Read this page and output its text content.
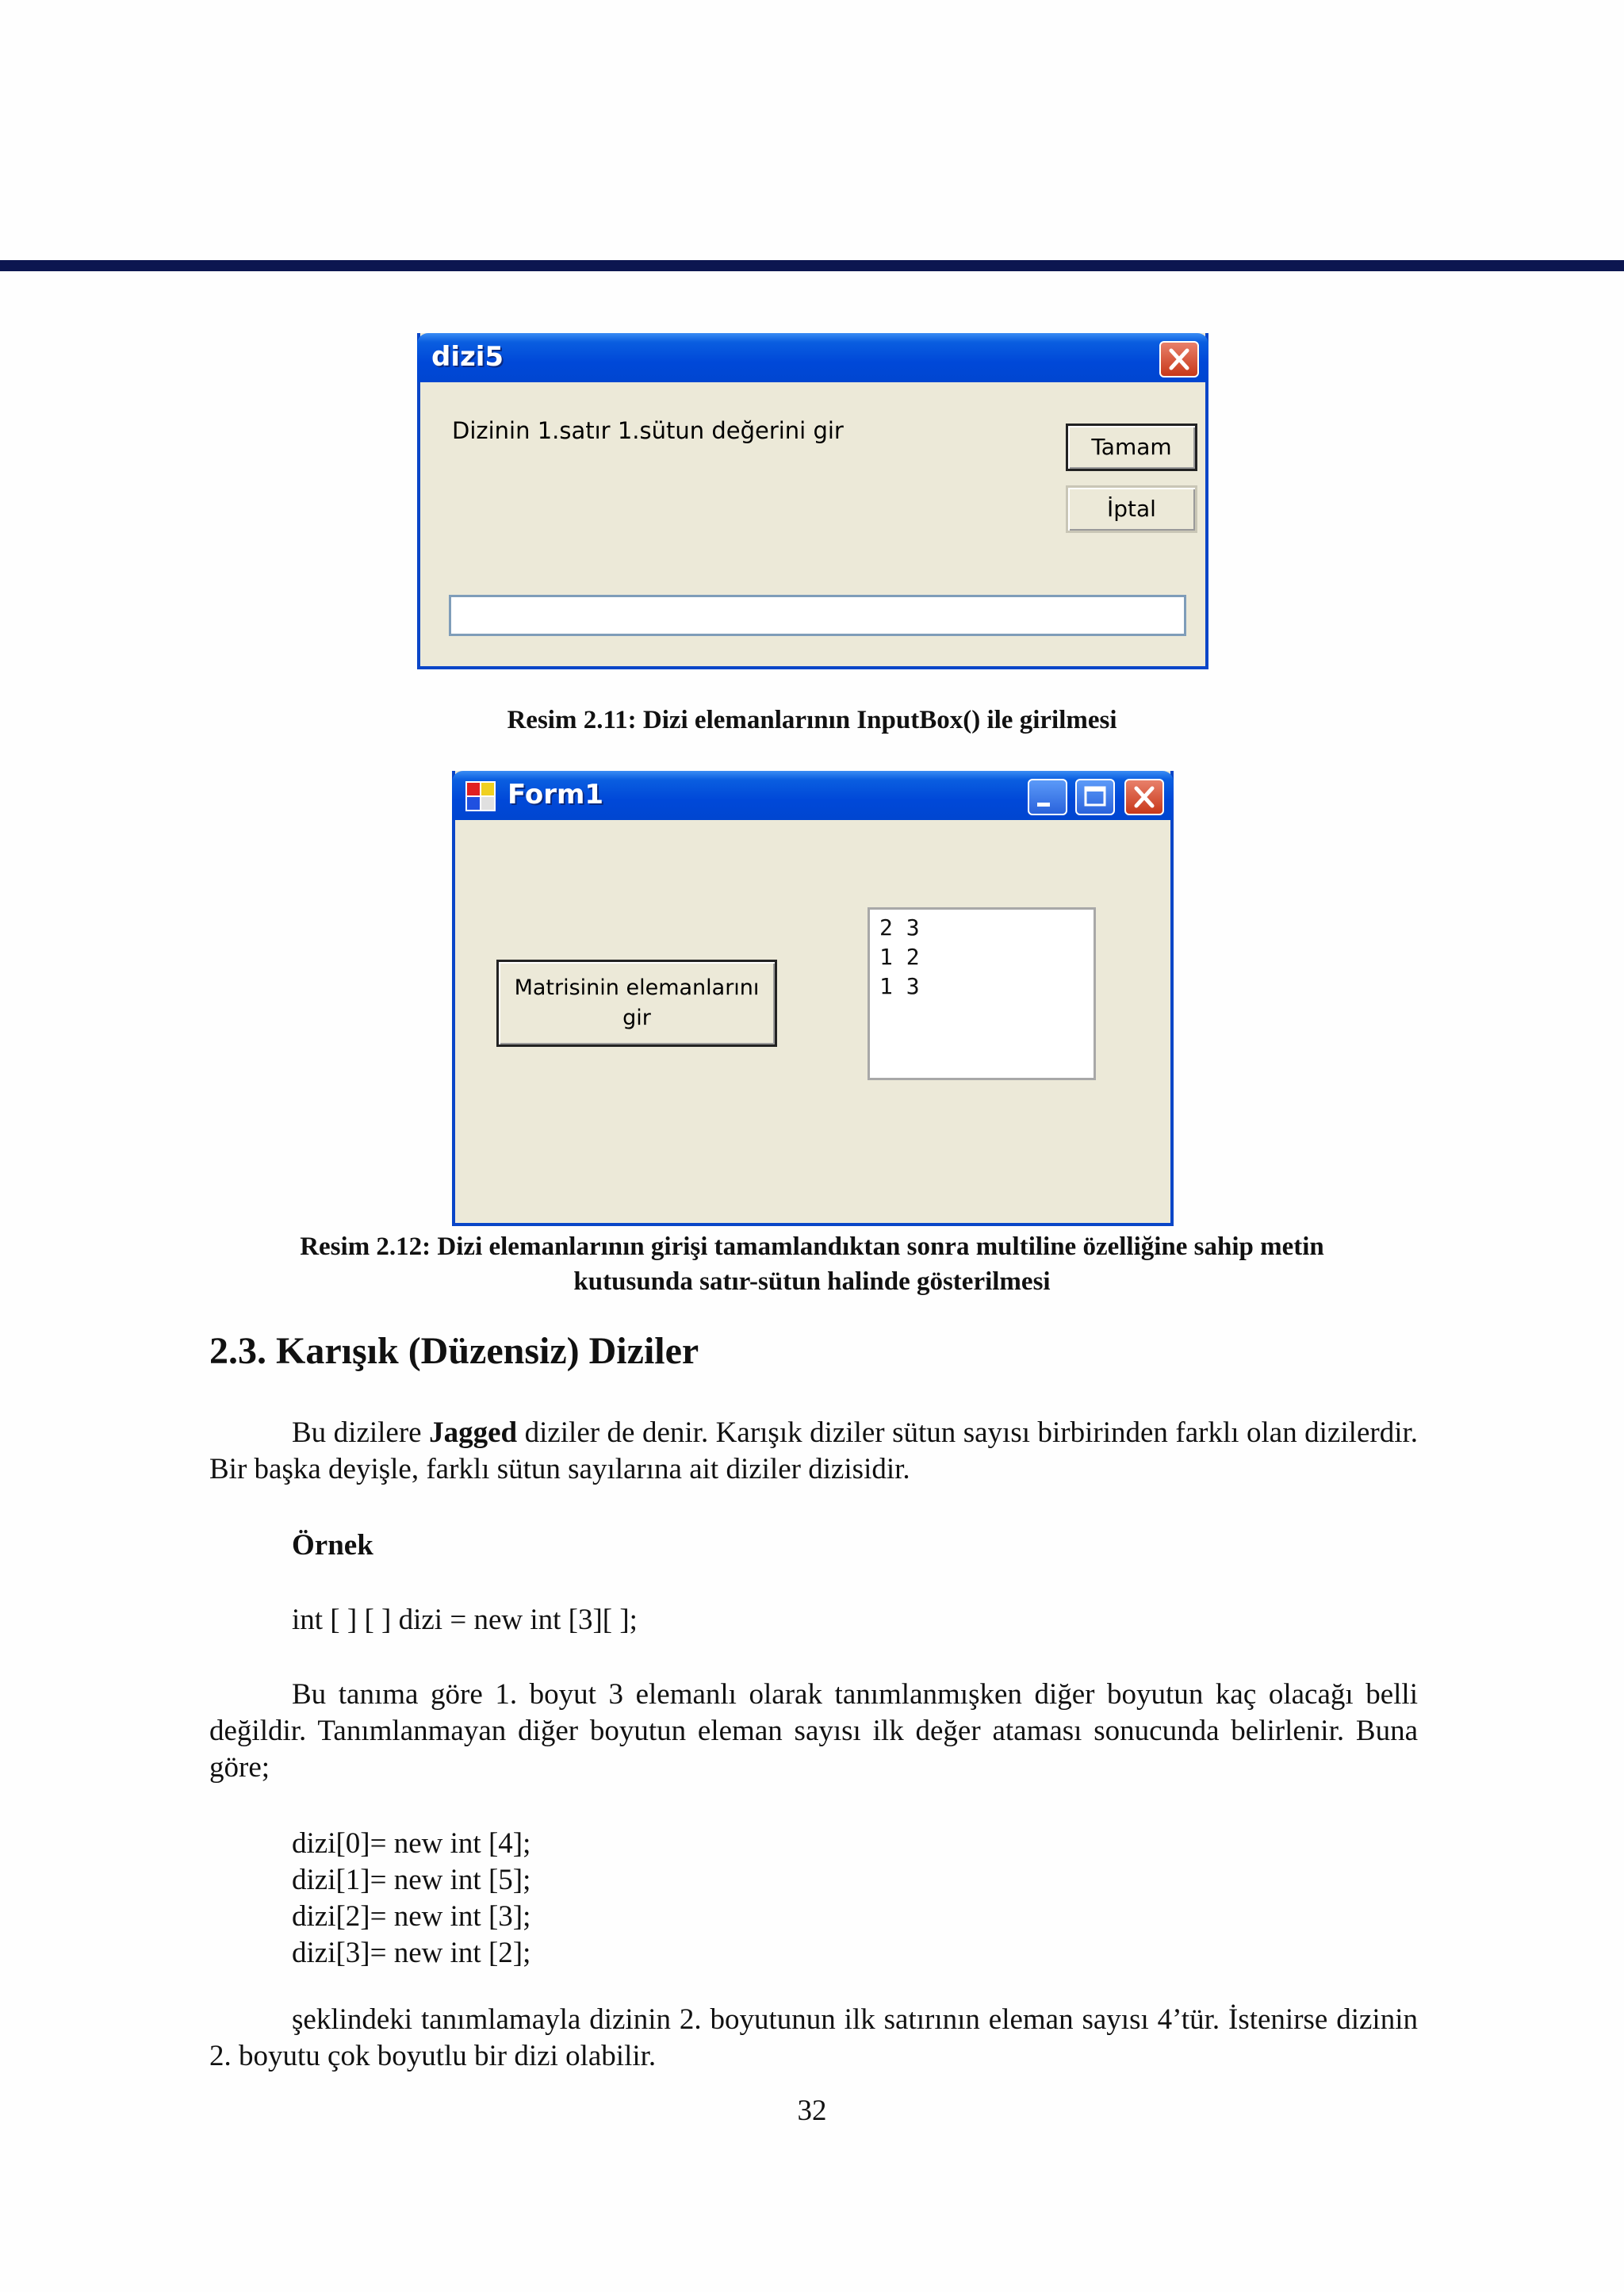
dizi5
Dizinin 1.satır 1.sütun değerini gir
Tamam
İptal
Resim 2.11: Dizi elemanlarının InputBox() ile girilmesi
Form1
Matrisinin elemanlarını
gir
2 3
1 2
1 3
Resim 2.12: Dizi elemanlarının girişi tamamlandıktan sonra multiline özelliğine sahip metin
kutusunda satır-sütun halinde gösterilmesi
2.3. Karışık (Düzensiz) Diziler
Bu dizilere Jagged diziler de denir. Karışık diziler sütun sayısı birbirinden farklı olan dizilerdir. Bir başka deyişle, farklı sütun sayılarına ait diziler dizisidir.
Örnek
int [ ] [ ] dizi = new int [3][ ];
Bu tanıma göre 1. boyut 3 elemanlı olarak tanımlanmışken diğer boyutun kaç olacağı belli değildir. Tanımlanmayan diğer boyutun eleman sayısı ilk değer ataması sonucunda belirlenir. Buna göre;
dizi[0]= new int [4];
dizi[1]= new int [5];
dizi[2]= new int [3];
dizi[3]= new int [2];
şeklindeki tanımlamayla dizinin 2. boyutunun ilk satırının eleman sayısı 4’tür. İstenirse dizinin 2. boyutu çok boyutlu bir dizi olabilir.
32
